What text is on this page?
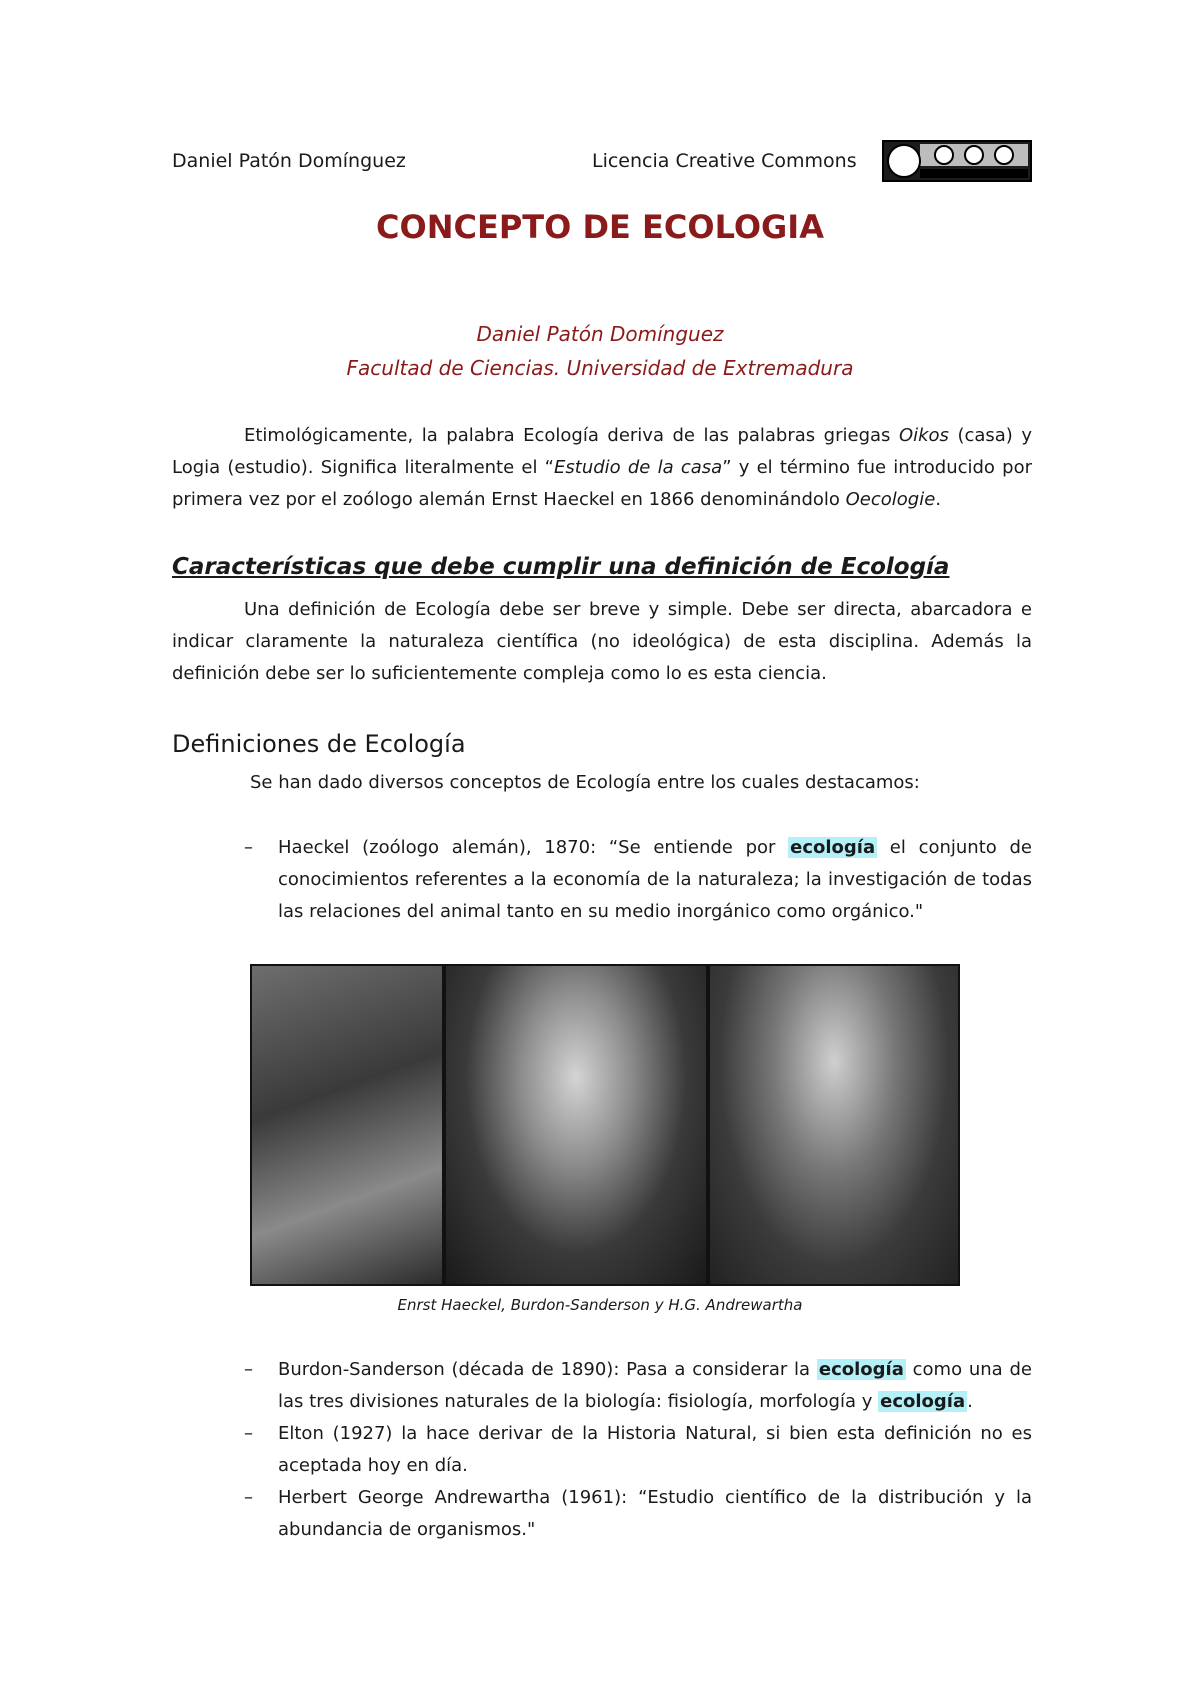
Daniel Patón Domínguez	Licencia Creative Commons
CONCEPTO DE ECOLOGIA
Daniel Patón Domínguez
Facultad de Ciencias. Universidad de Extremadura

Etimológicamente, la palabra Ecología deriva de las palabras griegas Oikos (casa) y Logia (estudio). Significa literalmente el “Estudio de la casa” y el término fue introducido por primera vez por el zoólogo alemán Ernst Haeckel en 1866 denominándolo Oecologie.

Características que debe cumplir una definición de Ecología

Una definición de Ecología debe ser breve y simple. Debe ser directa, abarcadora e indicar claramente la naturaleza científica (no ideológica) de esta disciplina. Además la definición debe ser lo suficientemente compleja como lo es esta ciencia.

Definiciones de Ecología
Se han dado diversos conceptos de Ecología entre los cuales destacamos:
– Haeckel (zoólogo alemán), 1870: “Se entiende por ecología el conjunto de conocimientos referentes a la economía de la naturaleza; la investigación de todas las relaciones del animal tanto en su medio inorgánico como orgánico."
Enrst Haeckel, Burdon-Sanderson y H.G. Andrewartha
– Burdon-Sanderson (década de 1890): Pasa a considerar la ecología como una de las tres divisiones naturales de la biología: fisiología, morfología y ecología .
– Elton (1927) la hace derivar de la Historia Natural, si bien esta definición no es aceptada hoy en día.
– Herbert George Andrewartha (1961): “Estudio científico de la distribución y la abundancia de organismos."
